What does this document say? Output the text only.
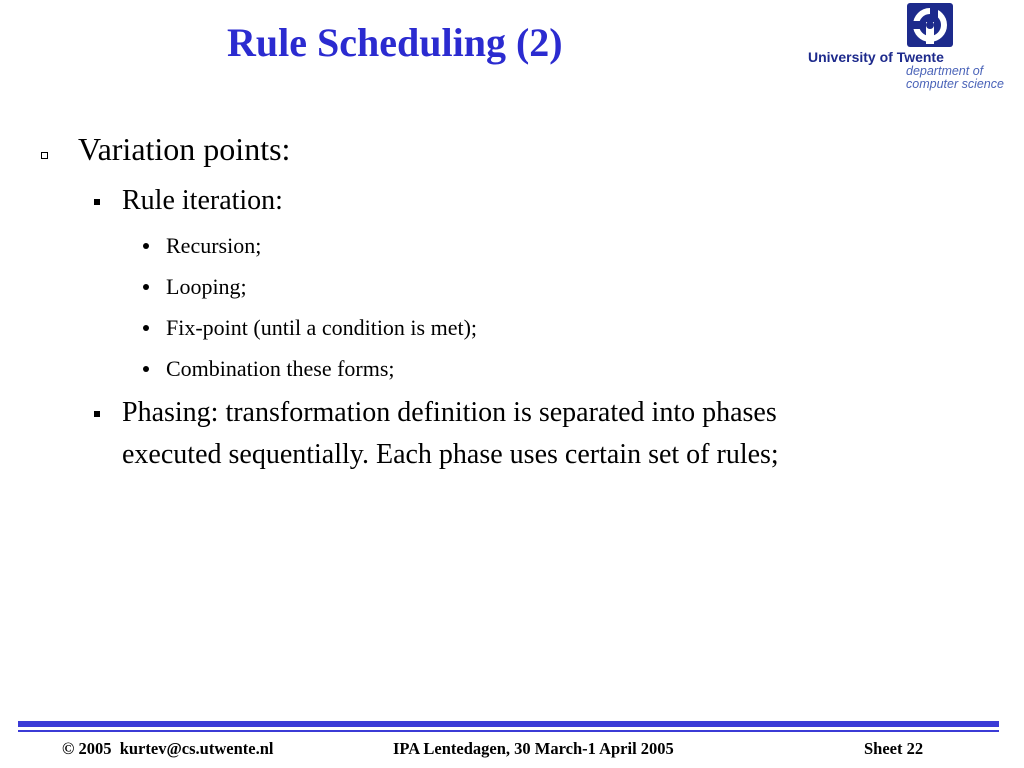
Rule Scheduling (2)	University of Twente
department of
computer science
Variation points:
Rule iteration:
Recursion;
Looping;
Fix-point (until a condition is met);
Combination these forms;
Phasing: transformation definition is separated into phases
executed sequentially. Each phase uses certain set of rules;
© 2005  kurtev@cs.utwente.nl	IPA Lentedagen, 30 March-1 April 2005	Sheet 22
